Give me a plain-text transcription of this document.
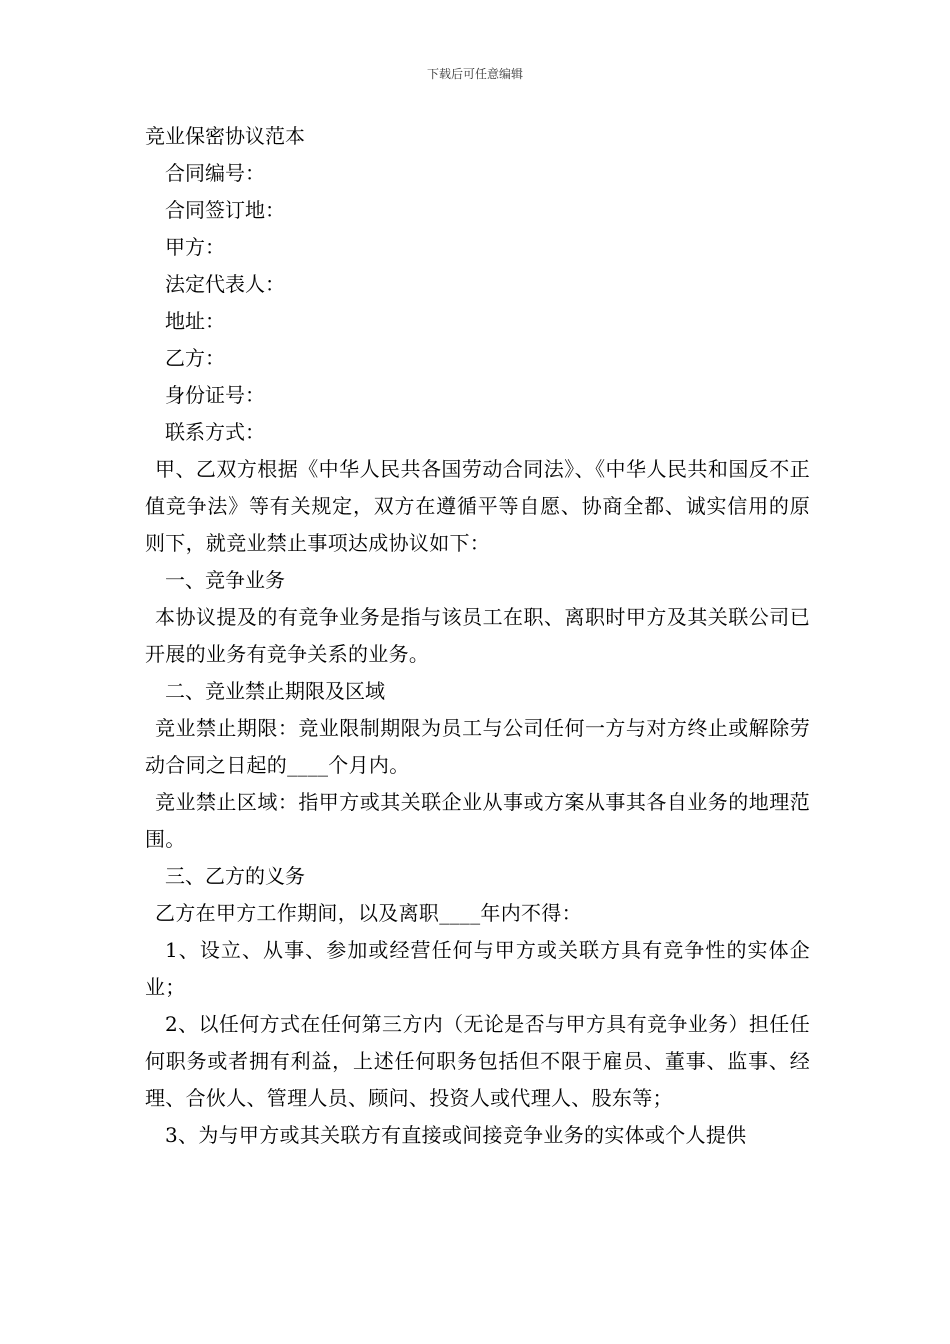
下载后可任意编辑

竞业保密协议范本

合同编号：

合同签订地：

甲方：

法定代表人：

地址：

乙方：

身份证号：

联系方式：

甲、乙双方根据《中华人民共各国劳动合同法》、《中华人民共和国反不正值竞争法》等有关规定，双方在遵循平等自愿、协商全都、诚实信用的原则下，就竞业禁止事项达成协议如下：

一、竞争业务

本协议提及的有竞争业务是指与该员工在职、离职时甲方及其关联公司已开展的业务有竞争关系的业务。

二、竞业禁止期限及区域

竞业禁止期限：竞业限制期限为员工与公司任何一方与对方终止或解除劳动合同之日起的____个月内。

竞业禁止区域：指甲方或其关联企业从事或方案从事其各自业务的地理范围。

三、乙方的义务

乙方在甲方工作期间，以及离职____年内不得：

1、设立、从事、参加或经营任何与甲方或关联方具有竞争性的实体企业；

2、以任何方式在任何第三方内（无论是否与甲方具有竞争业务）担任任何职务或者拥有利益，上述任何职务包括但不限于雇员、董事、监事、经理、合伙人、管理人员、顾问、投资人或代理人、股东等；

3、为与甲方或其关联方有直接或间接竞争业务的实体或个人提供
